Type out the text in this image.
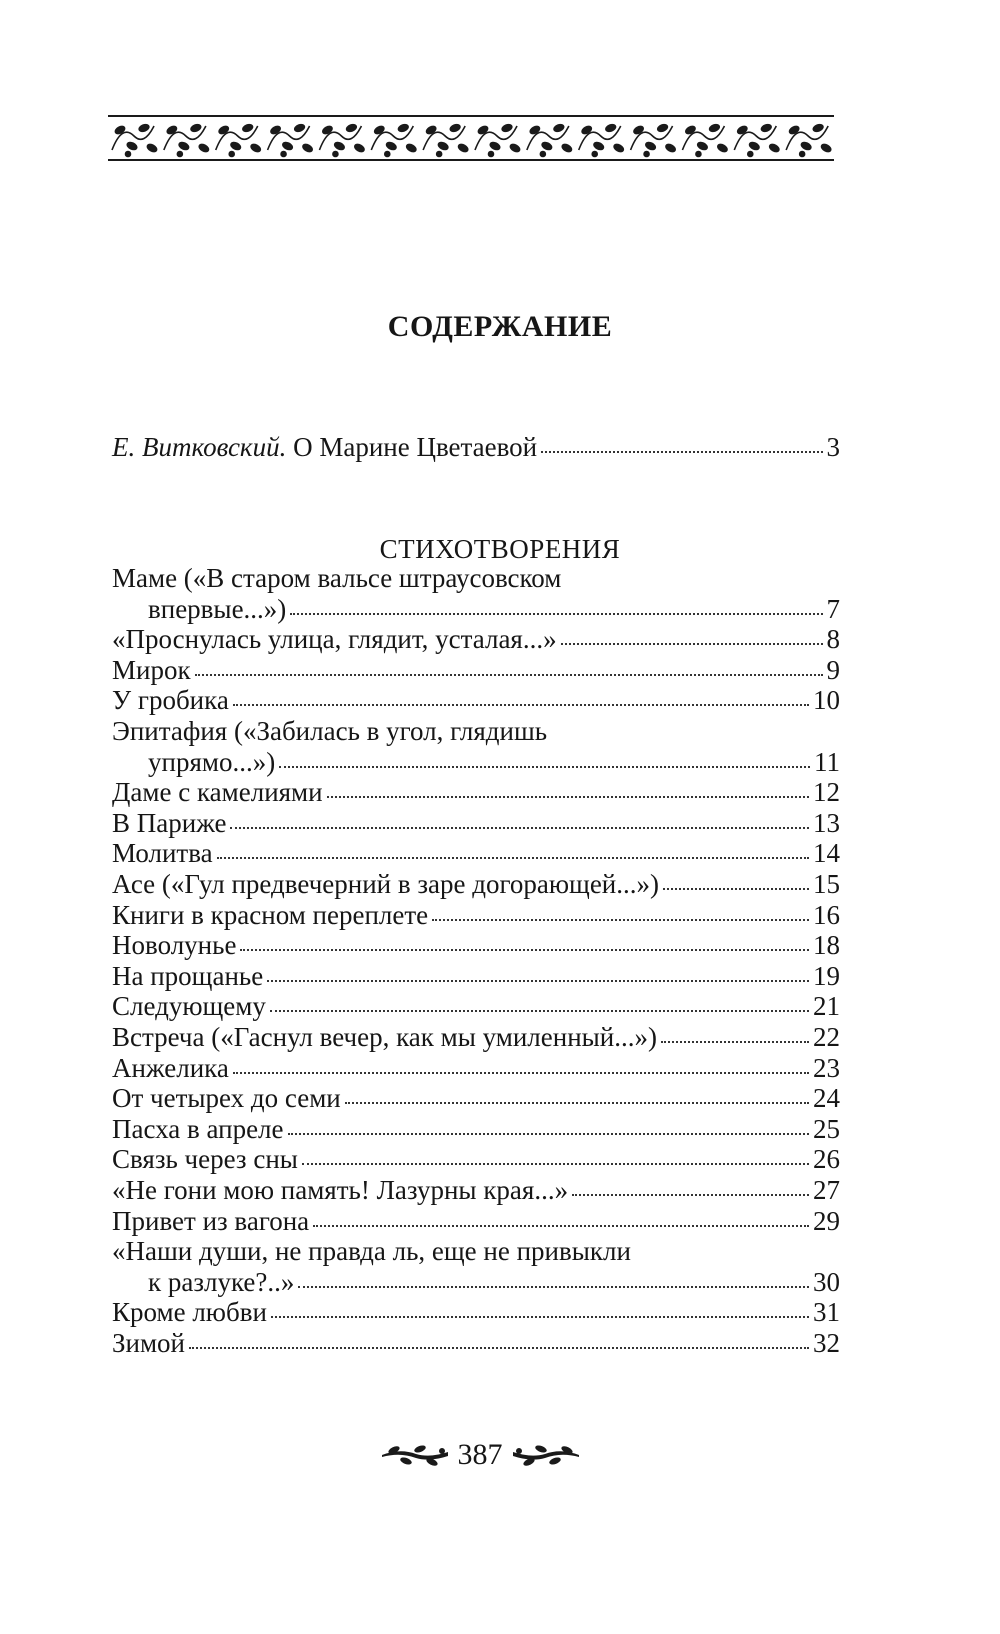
СОДЕРЖАНИЕ
Е. Витковский. О Марине Цветаевой	3
СТИХОТВОРЕНИЯ
Маме («В старом вальсе штраусовском
впервые...»)	7
«Проснулась улица, глядит, усталая...»	8
Мирок	9
У гробика	10
Эпитафия («Забилась в угол, глядишь
упрямо...»)	11
Даме с камелиями	12
В Париже	13
Молитва	14
Асе («Гул предвечерний в заре догорающей...»)	15
Книги в красном переплете	16
Новолунье	18
На прощанье	19
Следующему	21
Встреча («Гаснул вечер, как мы умиленный...»)	22
Анжелика	23
От четырех до семи	24
Пасха в апреле	25
Связь через сны	26
«Не гони мою память! Лазурны края...»	27
Привет из вагона	29
«Наши души, не правда ль, еще не привыкли
к разлуке?..»	30
Кроме любви	31
Зимой	32
387
